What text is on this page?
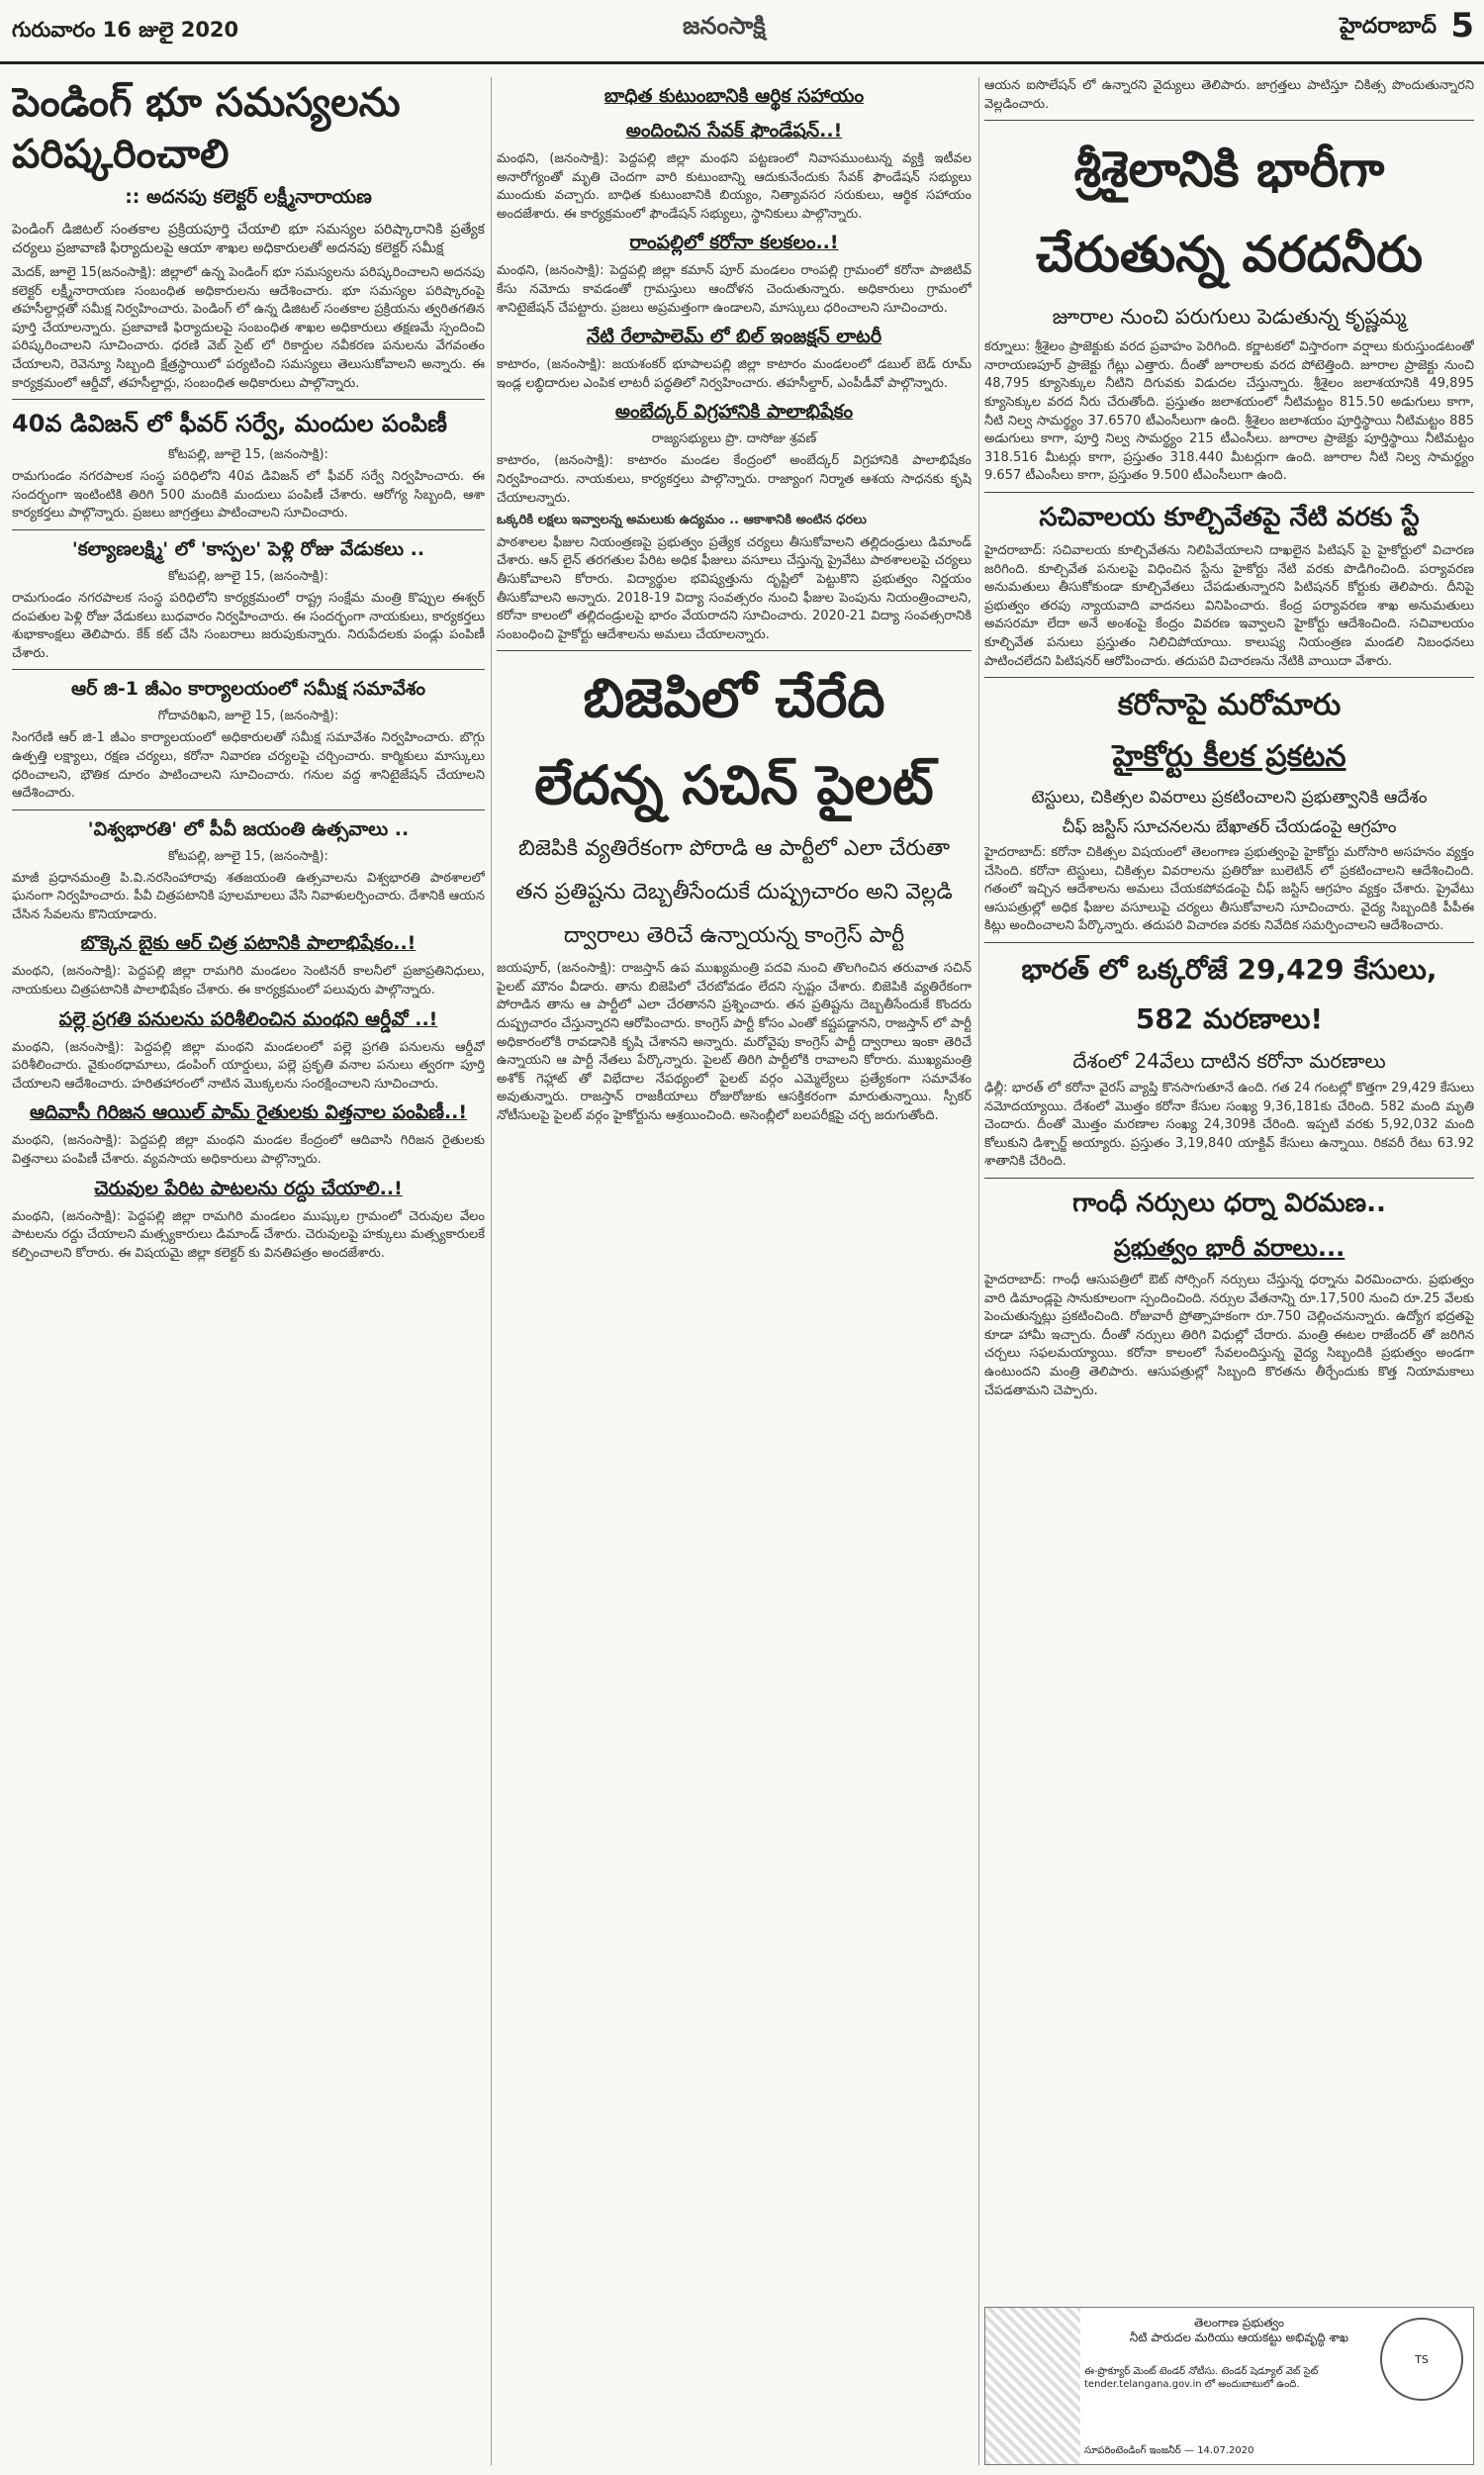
గురువారం 16 జులై 2020	జనంసాక్షి	హైదరాబాద్ 5
పెండింగ్ భూ సమస్యలను పరిష్కరించాలి
:: అదనపు కలెక్టర్ లక్ష్మీనారాయణ

పెండింగ్ డిజిటల్ సంతకాల ప్రక్రియపూర్తి చేయాలి భూ సమస్యల పరిష్కారానికి ప్రత్యేక చర్యలు ప్రజావాణి ఫిర్యాదులపై ఆయా శాఖల అధికారులతో అదనపు కలెక్టర్ సమీక్ష

మెదక్, జూలై 15(జనంసాక్షి): జిల్లాలో ఉన్న పెండింగ్ భూ సమస్యలను పరిష్కరించాలని అదనపు కలెక్టర్ లక్ష్మీనారాయణ సంబంధిత అధికారులను ఆదేశించారు. భూ సమస్యల పరిష్కారంపై తహసీల్దార్లతో సమీక్ష నిర్వహించారు. పెండింగ్ లో ఉన్న డిజిటల్ సంతకాల ప్రక్రియను త్వరితగతిన పూర్తి చేయాలన్నారు. ప్రజావాణి ఫిర్యాదులపై సంబంధిత శాఖల అధికారులు తక్షణమే స్పందించి పరిష్కరించాలని సూచించారు. ధరణి వెబ్ సైట్ లో రికార్డుల నవీకరణ పనులను వేగవంతం చేయాలని, రెవెన్యూ సిబ్బంది క్షేత్రస్థాయిలో పర్యటించి సమస్యలు తెలుసుకోవాలని అన్నారు. ఈ కార్యక్రమంలో ఆర్డీవో, తహసీల్దార్లు, సంబంధిత అధికారులు పాల్గొన్నారు.

40వ డివిజన్ లో ఫీవర్ సర్వే, మందుల పంపిణీ
కోటపల్లి, జూలై 15, (జనంసాక్షి):

రామగుండం నగరపాలక సంస్థ పరిధిలోని 40వ డివిజన్ లో ఫీవర్ సర్వే నిర్వహించారు. ఈ సందర్భంగా ఇంటింటికి తిరిగి 500 మందికి మందులు పంపిణీ చేశారు. ఆరోగ్య సిబ్బంది, ఆశా కార్యకర్తలు పాల్గొన్నారు. ప్రజలు జాగ్రత్తలు పాటించాలని సూచించారు.

'కల్యాణలక్ష్మి' లో 'కాస్పల' పెళ్లి రోజు వేడుకలు ..
కోటపల్లి, జూలై 15, (జనంసాక్షి):

రామగుండం నగరపాలక సంస్థ పరిధిలోని కార్యక్రమంలో రాష్ట్ర సంక్షేమ మంత్రి కొప్పుల ఈశ్వర్ దంపతుల పెళ్లి రోజు వేడుకలు బుధవారం నిర్వహించారు. ఈ సందర్భంగా నాయకులు, కార్యకర్తలు శుభాకాంక్షలు తెలిపారు. కేక్ కట్ చేసి సంబరాలు జరుపుకున్నారు. నిరుపేదలకు పండ్లు పంపిణీ చేశారు.

ఆర్ జి-1 జీఎం కార్యాలయంలో సమీక్ష సమావేశం
గోదావరిఖని, జూలై 15, (జనంసాక్షి):

సింగరేణి ఆర్ జి-1 జీఎం కార్యాలయంలో అధికారులతో సమీక్ష సమావేశం నిర్వహించారు. బొగ్గు ఉత్పత్తి లక్ష్యాలు, రక్షణ చర్యలు, కరోనా నివారణ చర్యలపై చర్చించారు. కార్మికులు మాస్కులు ధరించాలని, భౌతిక దూరం పాటించాలని సూచించారు. గనుల వద్ద శానిటైజేషన్ చేయాలని ఆదేశించారు.

'విశ్వభారతి' లో పీవీ జయంతి ఉత్సవాలు ..
కోటపల్లి, జూలై 15, (జనంసాక్షి):

మాజీ ప్రధానమంత్రి పి.వి.నరసింహారావు శతజయంతి ఉత్సవాలను విశ్వభారతి పాఠశాలలో ఘనంగా నిర్వహించారు. పీవీ చిత్రపటానికి పూలమాలలు వేసి నివాళులర్పించారు. దేశానికి ఆయన చేసిన సేవలను కొనియాడారు.

బొక్కెన బైకు ఆర్ చిత్ర పటానికి పాలాభిషేకం..!

మంథని, (జనంసాక్షి): పెద్దపల్లి జిల్లా రామగిరి మండలం సెంటినరీ కాలనీలో ప్రజాప్రతినిధులు, నాయకులు చిత్రపటానికి పాలాభిషేకం చేశారు. ఈ కార్యక్రమంలో పలువురు పాల్గొన్నారు.

పల్లె ప్రగతి పనులను పరిశీలించిన మంథని ఆర్డీవో ..!

మంథని, (జనంసాక్షి): పెద్దపల్లి జిల్లా మంథని మండలంలో పల్లె ప్రగతి పనులను ఆర్డీవో పరిశీలించారు. వైకుంఠధామాలు, డంపింగ్ యార్డులు, పల్లె ప్రకృతి వనాల పనులు త్వరగా పూర్తి చేయాలని ఆదేశించారు. హరితహారంలో నాటిన మొక్కలను సంరక్షించాలని సూచించారు.

ఆదివాసీ గిరిజన ఆయిల్ పామ్ రైతులకు విత్తనాల పంపిణీ..!

మంథని, (జనంసాక్షి): పెద్దపల్లి జిల్లా మంథని మండల కేంద్రంలో ఆదివాసి గిరిజన రైతులకు విత్తనాలు పంపిణీ చేశారు. వ్యవసాయ అధికారులు పాల్గొన్నారు.

చెరువుల పేరిట పాటలను రద్దు చేయాలి..!

మంథని, (జనంసాక్షి): పెద్దపల్లి జిల్లా రామగిరి మండలం ముష్కుల గ్రామంలో చెరువుల వేలం పాటలను రద్దు చేయాలని మత్స్యకారులు డిమాండ్ చేశారు. చెరువులపై హక్కులు మత్స్యకారులకే కల్పించాలని కోరారు. ఈ విషయమై జిల్లా కలెక్టర్ కు వినతిపత్రం అందజేశారు.

బాధిత కుటుంబానికి ఆర్థిక సహాయం
అందించిన సేవక్ ఫౌండేషన్..!

మంథని, (జనంసాక్షి): పెద్దపల్లి జిల్లా మంథని పట్టణంలో నివాసముంటున్న వ్యక్తి ఇటీవల అనారోగ్యంతో మృతి చెందగా వారి కుటుంబాన్ని ఆదుకునేందుకు సేవక్ ఫౌండేషన్ సభ్యులు ముందుకు వచ్చారు. బాధిత కుటుంబానికి బియ్యం, నిత్యావసర సరుకులు, ఆర్థిక సహాయం అందజేశారు. ఈ కార్యక్రమంలో ఫౌండేషన్ సభ్యులు, స్థానికులు పాల్గొన్నారు.

రాంపల్లిలో కరోనా కలకలం..!

మంథని, (జనంసాక్షి): పెద్దపల్లి జిల్లా కమాన్ పూర్ మండలం రాంపల్లి గ్రామంలో కరోనా పాజిటివ్ కేసు నమోదు కావడంతో గ్రామస్తులు ఆందోళన చెందుతున్నారు. అధికారులు గ్రామంలో శానిటైజేషన్ చేపట్టారు. ప్రజలు అప్రమత్తంగా ఉండాలని, మాస్కులు ధరించాలని సూచించారు.

నేటి రేలాపాలెమ్ లో బిల్ ఇంజక్షన్ లాటరీ

కాటారం, (జనంసాక్షి): జయశంకర్ భూపాలపల్లి జిల్లా కాటారం మండలంలో డబుల్ బెడ్ రూమ్ ఇండ్ల లబ్ధిదారుల ఎంపిక లాటరీ పద్ధతిలో నిర్వహించారు. తహసీల్దార్, ఎంపీడీవో పాల్గొన్నారు.

అంబేద్కర్ విగ్రహానికి పాలాభిషేకం
రాజ్యసభ్యులు ప్రొ. దాసోజు శ్రవణ్

కాటారం, (జనంసాక్షి): కాటారం మండల కేంద్రంలో అంబేద్కర్ విగ్రహానికి పాలాభిషేకం నిర్వహించారు. నాయకులు, కార్యకర్తలు పాల్గొన్నారు. రాజ్యాంగ నిర్మాత ఆశయ సాధనకు కృషి చేయాలన్నారు.

ఒక్కరికి లక్షలు ఇవ్వాలన్న అమలుకు ఉద్యమం .. ఆకాశానికి అంటిన ధరలు

పాఠశాలల ఫీజుల నియంత్రణపై ప్రభుత్వం ప్రత్యేక చర్యలు తీసుకోవాలని తల్లిదండ్రులు డిమాండ్ చేశారు. ఆన్ లైన్ తరగతుల పేరిట అధిక ఫీజులు వసూలు చేస్తున్న ప్రైవేటు పాఠశాలలపై చర్యలు తీసుకోవాలని కోరారు. విద్యార్థుల భవిష్యత్తును దృష్టిలో పెట్టుకొని ప్రభుత్వం నిర్ణయం తీసుకోవాలని అన్నారు. 2018-19 విద్యా సంవత్సరం నుంచి ఫీజుల పెంపును నియంత్రించాలని, కరోనా కాలంలో తల్లిదండ్రులపై భారం వేయరాదని సూచించారు. 2020-21 విద్యా సంవత్సరానికి సంబంధించి హైకోర్టు ఆదేశాలను అమలు చేయాలన్నారు.

బిజెపిలో చేరేది
లేదన్న సచిన్ పైలట్
బిజెపికి వ్యతిరేకంగా పోరాడి ఆ పార్టీలో ఎలా చేరుతా
తన ప్రతిష్టను దెబ్బతీసేందుకే దుష్ప్రచారం అని వెల్లడి
ద్వారాలు తెరిచే ఉన్నాయన్న కాంగ్రెస్ పార్టీ

జయపూర్, (జనంసాక్షి): రాజస్తాన్ ఉప ముఖ్యమంత్రి పదవి నుంచి తొలగించిన తరువాత సచిన్ పైలట్ మౌనం వీడారు. తాను బిజెపిలో చేరబోవడం లేదని స్పష్టం చేశారు. బిజెపికి వ్యతిరేకంగా పోరాడిన తాను ఆ పార్టీలో ఎలా చేరతానని ప్రశ్నించారు. తన ప్రతిష్టను దెబ్బతీసేందుకే కొందరు దుష్ప్రచారం చేస్తున్నారని ఆరోపించారు. కాంగ్రెస్ పార్టీ కోసం ఎంతో కష్టపడ్డానని, రాజస్తాన్ లో పార్టీ అధికారంలోకి రావడానికి కృషి చేశానని అన్నారు. మరోవైపు కాంగ్రెస్ పార్టీ ద్వారాలు ఇంకా తెరిచే ఉన్నాయని ఆ పార్టీ నేతలు పేర్కొన్నారు. పైలట్ తిరిగి పార్టీలోకి రావాలని కోరారు. ముఖ్యమంత్రి అశోక్ గెహ్లాట్ తో విభేదాల నేపథ్యంలో పైలట్ వర్గం ఎమ్మెల్యేలు ప్రత్యేకంగా సమావేశం అవుతున్నారు. రాజస్తాన్ రాజకీయాలు రోజురోజుకు ఆసక్తికరంగా మారుతున్నాయి. స్పీకర్ నోటీసులపై పైలట్ వర్గం హైకోర్టును ఆశ్రయించింది. అసెంబ్లీలో బలపరీక్షపై చర్చ జరుగుతోంది.

ఆయన ఐసొలేషన్ లో ఉన్నారని వైద్యులు తెలిపారు. జాగ్రత్తలు పాటిస్తూ చికిత్స పొందుతున్నారని వెల్లడించారు.

శ్రీశైలానికి భారీగా
చేరుతున్న వరదనీరు
జూరాల నుంచి పరుగులు పెడుతున్న కృష్ణమ్మ

కర్నూలు: శ్రీశైలం ప్రాజెక్టుకు వరద ప్రవాహం పెరిగింది. కర్ణాటకలో విస్తారంగా వర్షాలు కురుస్తుండటంతో నారాయణపూర్ ప్రాజెక్టు గేట్లు ఎత్తారు. దీంతో జూరాలకు వరద పోటెత్తింది. జూరాల ప్రాజెక్టు నుంచి 48,795 క్యూసెక్కుల నీటిని దిగువకు విడుదల చేస్తున్నారు. శ్రీశైలం జలాశయానికి 49,895 క్యూసెక్కుల వరద నీరు చేరుతోంది. ప్రస్తుతం జలాశయంలో నీటిమట్టం 815.50 అడుగులు కాగా, నీటి నిల్వ సామర్థ్యం 37.6570 టీఎంసీలుగా ఉంది. శ్రీశైలం జలాశయం పూర్తిస్థాయి నీటిమట్టం 885 అడుగులు కాగా, పూర్తి నిల్వ సామర్థ్యం 215 టీఎంసీలు. జూరాల ప్రాజెక్టు పూర్తిస్థాయి నీటిమట్టం 318.516 మీటర్లు కాగా, ప్రస్తుతం 318.440 మీటర్లుగా ఉంది. జూరాల నీటి నిల్వ సామర్థ్యం 9.657 టీఎంసీలు కాగా, ప్రస్తుతం 9.500 టీఎంసీలుగా ఉంది.

సచివాలయ కూల్చివేతపై నేటి వరకు స్టే

హైదరాబాద్: సచివాలయ కూల్చివేతను నిలిపివేయాలని దాఖలైన పిటిషన్ పై హైకోర్టులో విచారణ జరిగింది. కూల్చివేత పనులపై విధించిన స్టేను హైకోర్టు నేటి వరకు పొడిగించింది. పర్యావరణ అనుమతులు తీసుకోకుండా కూల్చివేతలు చేపడుతున్నారని పిటిషనర్ కోర్టుకు తెలిపారు. దీనిపై ప్రభుత్వం తరపు న్యాయవాది వాదనలు వినిపించారు. కేంద్ర పర్యావరణ శాఖ అనుమతులు అవసరమా లేదా అనే అంశంపై కేంద్రం వివరణ ఇవ్వాలని హైకోర్టు ఆదేశించింది. సచివాలయం కూల్చివేత పనులు ప్రస్తుతం నిలిచిపోయాయి. కాలుష్య నియంత్రణ మండలి నిబంధనలు పాటించలేదని పిటిషనర్ ఆరోపించారు. తదుపరి విచారణను నేటికి వాయిదా వేశారు.

కరోనాపై మరోమారు
హైకోర్టు కీలక ప్రకటన
టెస్టులు, చికిత్సల వివరాలు ప్రకటించాలని ప్రభుత్వానికి ఆదేశం
చీఫ్ జస్టిస్ సూచనలను బేఖాతర్ చేయడంపై ఆగ్రహం

హైదరాబాద్: కరోనా చికిత్సల విషయంలో తెలంగాణ ప్రభుత్వంపై హైకోర్టు మరోసారి అసహనం వ్యక్తం చేసింది. కరోనా టెస్టులు, చికిత్సల వివరాలను ప్రతిరోజు బులెటిన్ లో ప్రకటించాలని ఆదేశించింది. గతంలో ఇచ్చిన ఆదేశాలను అమలు చేయకపోవడంపై చీఫ్ జస్టిస్ ఆగ్రహం వ్యక్తం చేశారు. ప్రైవేటు ఆసుపత్రుల్లో అధిక ఫీజుల వసూలుపై చర్యలు తీసుకోవాలని సూచించారు. వైద్య సిబ్బందికి పీపీఈ కిట్లు అందించాలని పేర్కొన్నారు. తదుపరి విచారణ వరకు నివేదిక సమర్పించాలని ఆదేశించారు.

భారత్ లో ఒక్కరోజే 29,429 కేసులు,
582 మరణాలు!
దేశంలో 24వేలు దాటిన కరోనా మరణాలు

ఢిల్లీ: భారత్ లో కరోనా వైరస్ వ్యాప్తి కొనసాగుతూనే ఉంది. గత 24 గంటల్లో కొత్తగా 29,429 కేసులు నమోదయ్యాయి. దేశంలో మొత్తం కరోనా కేసుల సంఖ్య 9,36,181కు చేరింది. 582 మంది మృతి చెందారు. దీంతో మొత్తం మరణాల సంఖ్య 24,309కి చేరింది. ఇప్పటి వరకు 5,92,032 మంది కోలుకుని డిశ్చార్జ్ అయ్యారు. ప్రస్తుతం 3,19,840 యాక్టివ్ కేసులు ఉన్నాయి. రికవరీ రేటు 63.92 శాతానికి చేరింది.

గాంధీ నర్సులు ధర్నా విరమణ..
ప్రభుత్వం భారీ వరాలు...

హైదరాబాద్: గాంధీ ఆసుపత్రిలో ఔట్ సోర్సింగ్ నర్సులు చేస్తున్న ధర్నాను విరమించారు. ప్రభుత్వం వారి డిమాండ్లపై సానుకూలంగా స్పందించింది. నర్సుల వేతనాన్ని రూ.17,500 నుంచి రూ.25 వేలకు పెంచుతున్నట్లు ప్రకటించింది. రోజువారీ ప్రోత్సాహకంగా రూ.750 చెల్లించనున్నారు. ఉద్యోగ భద్రతపై కూడా హామీ ఇచ్చారు. దీంతో నర్సులు తిరిగి విధుల్లో చేరారు. మంత్రి ఈటల రాజేందర్ తో జరిగిన చర్చలు సఫలమయ్యాయి. కరోనా కాలంలో సేవలందిస్తున్న వైద్య సిబ్బందికి ప్రభుత్వం అండగా ఉంటుందని మంత్రి తెలిపారు. ఆసుపత్రుల్లో సిబ్బంది కొరతను తీర్చేందుకు కొత్త నియామకాలు చేపడతామని చెప్పారు.

TS
తెలంగాణ ప్రభుత్వం
నీటి పారుదల మరియు ఆయకట్టు అభివృద్ధి శాఖ
ఈ-ప్రొక్యూర్ మెంట్ టెండర్ నోటీసు. టెండర్ షెడ్యూల్ వెబ్ సైట్ tender.telangana.gov.in లో అందుబాటులో ఉంది.
సూపరింటెండింగ్ ఇంజనీర్ — 14.07.2020
